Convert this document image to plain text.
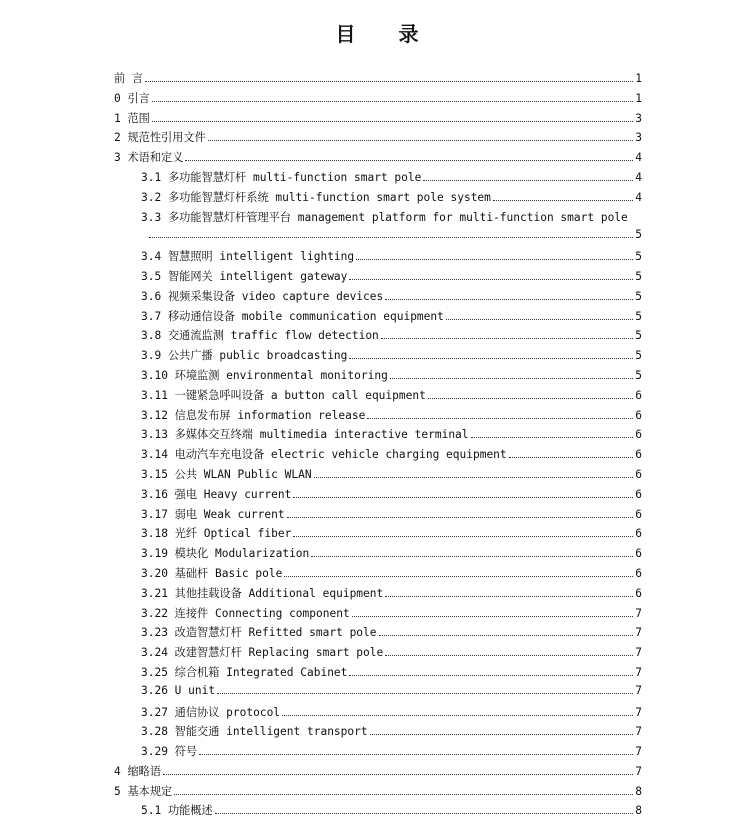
目 录
前 言	1
0 引言	1
1 范围	3
2 规范性引用文件	3
3 术语和定义	4
3.1 多功能智慧灯杆 multi-function smart pole	4
3.2 多功能智慧灯杆系统 multi-function smart pole system	4
3.3 多功能智慧灯杆管理平台 management platform for multi-function smart pole
5
3.4 智慧照明 intelligent lighting	5
3.5 智能网关 intelligent gateway	5
3.6 视频采集设备 video capture devices	5
3.7 移动通信设备 mobile communication equipment	5
3.8 交通流监测 traffic flow detection	5
3.9 公共广播 public broadcasting	5
3.10 环境监测 environmental monitoring	5
3.11 一键紧急呼叫设备 a button call equipment	6
3.12 信息发布屏 information release	6
3.13 多媒体交互终端 multimedia interactive terminal	6
3.14 电动汽车充电设备 electric vehicle charging equipment	6
3.15 公共 WLAN Public WLAN	6
3.16 强电 Heavy current	6
3.17 弱电 Weak current	6
3.18 光纤 Optical fiber	6
3.19 模块化 Modularization	6
3.20 基础杆 Basic pole	6
3.21 其他挂载设备 Additional equipment	6
3.22 连接件 Connecting component	7
3.23 改造智慧灯杆 Refitted smart pole	7
3.24 改建智慧灯杆 Replacing smart pole	7
3.25 综合机箱 Integrated Cabinet	7
3.26 U unit	7
3.27 通信协议 protocol	7
3.28 智能交通 intelligent transport	7
3.29 符号	7
4 缩略语	7
5 基本规定	8
5.1 功能概述	8
